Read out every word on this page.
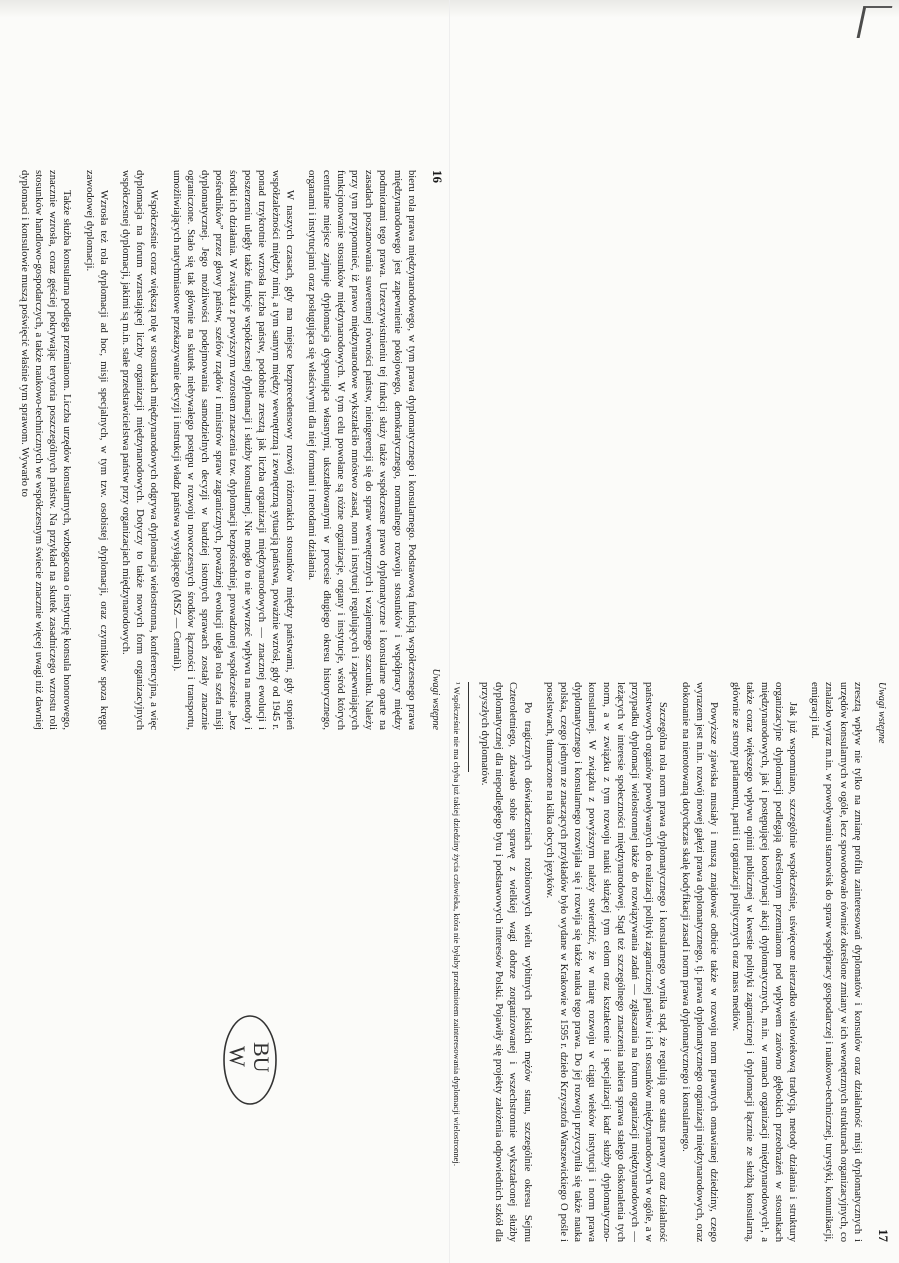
16
Uwagi wstępne

bieru rola prawa międzynarodowego, w tym prawa dyplomatycznego i konsularnego. Podstawową funkcją współczesnego prawa międzynarodowego jest zapewnienie pokojowego, demokratycznego, normalnego rozwoju stosunków i współpracy między podmiotami tego prawa. Urzeczywistnieniu tej funkcji służy także współczesne prawo dyplomatyczne i konsularne oparte na zasadach poszanowania suwerennej równości państw, nieingerencji się do spraw wewnętrznych i wzajemnego szacunku. Należy przy tym przypomnieć, iż prawo międzynarodowe wykształciło mnóstwo zasad, norm i instytucji regulujących i zapewniających funkcjonowanie stosunków międzynarodowych. W tym celu powołane są różne organizacje, organy i instytucje, wśród których centralne miejsce zajmuje dyplomacja dysponująca własnymi, ukształtowanymi w procesie długiego okresu historycznego, organami i instytucjami oraz posługująca się właściwymi dla niej formami i metodami działania.

W naszych czasach, gdy ma miejsce bezprecedensowy rozwój różnorakich stosunków między państwami, gdy stopień współzależności między nimi, a tym samym między wewnętrzną i zewnętrzną sytuacją państwa, poważnie wzrósł, gdy od 1945 r. ponad trzykrotnie wzrosła liczba państw, podobnie zresztą jak liczba organizacji międzynarodowych — znacznej ewolucji i poszerzeniu uległy także funkcje współczesnej dyplomacji i służby konsularnej. Nie mogło to nie wywrzeć wpływu na metody i środki ich działania. W związku z powyższym wzrostem znaczenia tzw. dyplomacji bezpośredniej, prowadzonej współcześnie „bez pośredników” przez głowy państw, szefów rządów i ministrów spraw zagranicznych, poważnej ewolucji uległa rola szefa misji dyplomatycznej. Jego możliwości podejmowania samodzielnych decyzji w bardziej istotnych sprawach zostały znacznie ograniczone. Stało się tak głównie na skutek niebywałego postępu w rozwoju nowoczesnych środków łączności i transportu, umożliwiających natychmiastowe przekazywanie decyzji i instrukcji władz państwa wysyłającego (MSZ — Centrali).

Współcześnie coraz większą rolę w stosunkach międzynarodowych odgrywa dyplomacja wielostronna, konferencyjna, a więc dyplomacja na forum wzrastającej liczby organizacji międzynarodowych. Dotyczy to także nowych form organizacyjnych współczesnej dyplomacji, jakimi są m.in. stałe przedstawicielstwa państw przy organizacjach międzynarodowych.

Wzrosła też rola dyplomacji ad hoc, misji specjalnych, w tym tzw. osobistej dyplomacji, oraz czynników spoza kręgu zawodowej dyplomacji.

Także służba konsularna podlega przemianom. Liczba urzędów konsularnych, wzbogacona o instytucję konsula honorowego, znacznie wzrosła, coraz gęściej pokrywając terytoria poszczególnych państw. Na przykład na skutek zasadniczego wzrostu roli stosunków handlowo-gospodarczych, a także naukowo-technicznych we współczesnym świecie znacznie więcej uwagi niż dawniej dyplomaci i konsulowie muszą poświęcić właśnie tym sprawom. Wywarło to

Uwagi wstępne
17

zresztą wpływ nie tylko na zmianę profilu zainteresowań dyplomatów i konsulów oraz działalność misji dyplomatycznych i urzędów konsularnych w ogóle, lecz spowodowało również określone zmiany w ich wewnętrznych strukturach organizacyjnych, co znalazło wyraz m.in. w powoływaniu stanowisk do spraw współpracy gospodarczej i naukowo-technicznej, turystyki, komunikacji, emigracji itd.

Jak już wspomniano, szczególnie współcześnie, uświęcone nierzadko wielowiekową tradycją, metody działania i struktury organizacyjne dyplomacji podlegają określonym przemianom pod wpływem zarówno głębokich przeobrażeń w stosunkach międzynarodowych, jak i postępującej koordynacji akcji dyplomatycznych, m.in. w ramach organizacji międzynarodowych¹, a także coraz większego wpływu opinii publicznej w kwestie polityki zagranicznej i dyplomacji łącznie ze służbą konsularną, głównie ze strony parlamentu, partii i organizacji politycznych oraz mass mediów.

Powyższe zjawiska musiały i muszą znajdować odbicie także w rozwoju norm prawnych omawianej dziedziny, czego wyrazem jest m.in. rozwój nowej gałęzi prawa dyplomatycznego, tj. prawa dyplomatycznego organizacji międzynarodowych, oraz dokonanie na nienotowaną dotychczas skalę kodyfikacji zasad i norm prawa dyplomatycznego i konsularnego.

Szczególna rola norm prawa dyplomatycznego i konsularnego wynika stąd, że regulują one status prawny oraz działalność państwowych organów powoływanych do realizacji polityki zagranicznej państw i ich stosunków międzynarodowych w ogóle, a w przypadku dyplomacji wielostronnej także do rozwiązywania zadań — zgłaszania na forum organizacji międzynarodowych — leżących w interesie społeczności międzynarodowej. Stąd też szczególnego znaczenia nabiera sprawa stałego doskonalenia tych norm, a w związku z tym rozwoju nauki służącej tym celom oraz kształcenie i specjalizacji kadr służby dyplomatyczno-konsularnej. W związku z powyższym należy stwierdzić, że w miarę rozwoju w ciągu wieków instytucji i norm prawa dyplomatycznego i konsularnego rozwijała się i rozwija się także nauka tego prawa. Do jej rozwoju przyczyniła się także nauka polska, czego jednym ze znaczących przykładów było wydane w Krakowie w 1595 r. dzieło Krzysztofa Warszewickiego O pośle i poselstwach, tłumaczone na kilka obcych języków.

Po tragicznych doświadczeniach rozbiorowych wielu wybitnych polskich mężów stanu, szczególnie okresu Sejmu Czteroletniego, zdawało sobie sprawę z wielkiej wagi dobrze zorganizowanej i wszechstronnie wykształconej służby dyplomatycznej dla niepodległego bytu i podstawowych interesów Polski. Pojawiły się projekty założenia odpowiednich szkół dla przyszłych dyplomatów.

¹ Współcześnie nie ma chyba już takiej dziedziny życia człowieka, która nie byłaby przedmiotem zainteresowania dyplomacji wielostronnej.

BU
W
